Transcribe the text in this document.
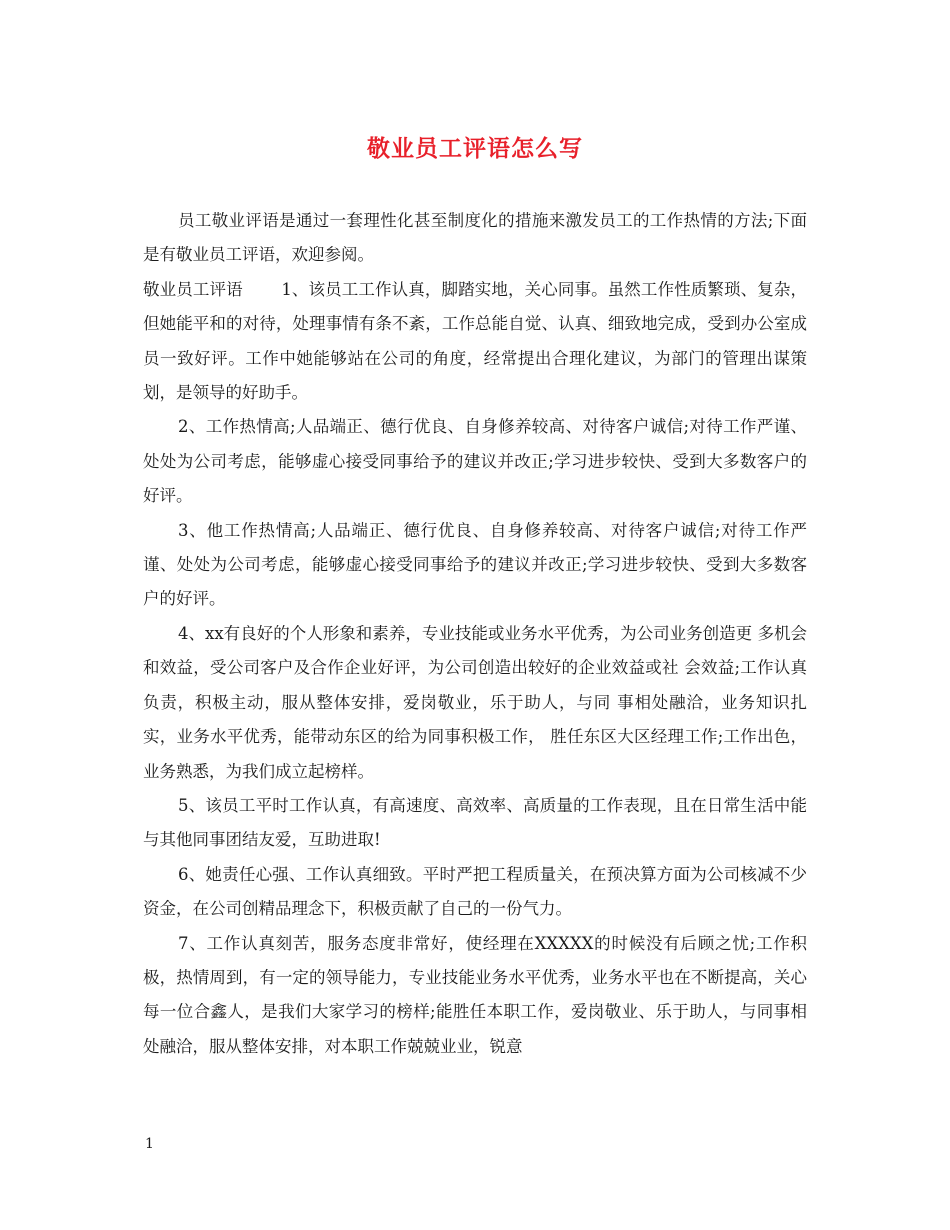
敬业员工评语怎么写

员工敬业评语是通过一套理性化甚至制度化的措施来激发员工的工作热情的方法;下面是有敬业员工评语，欢迎参阅。

敬业员工评语　　 1、该员工工作认真，脚踏实地，关心同事。虽然工作性质繁琐、复杂，但她能平和的对待，处理事情有条不紊，工作总能自觉、认真、细致地完成，受到办公室成员一致好评。工作中她能够站在公司的角度，经常提出合理化建议，为部门的管理出谋策划，是领导的好助手。

2、工作热情高;人品端正、德行优良、自身修养较高、对待客户诚信;对待工作严谨、处处为公司考虑，能够虚心接受同事给予的建议并改正;学习进步较快、受到大多数客户的好评。

3、他工作热情高;人品端正、德行优良、自身修养较高、对待客户诚信;对待工作严谨、处处为公司考虑，能够虚心接受同事给予的建议并改正;学习进步较快、受到大多数客户的好评。

4、xx有良好的个人形象和素养，专业技能或业务水平优秀，为公司业务创造更 多机会和效益，受公司客户及合作企业好评，为公司创造出较好的企业效益或社 会效益;工作认真负责，积极主动，服从整体安排，爱岗敬业，乐于助人，与同 事相处融洽，业务知识扎实，业务水平优秀，能带动东区的给为同事积极工作， 胜任东区大区经理工作;工作出色，业务熟悉，为我们成立起榜样。

5、该员工平时工作认真，有高速度、高效率、高质量的工作表现，且在日常生活中能与其他同事团结友爱，互助进取!

6、她责任心强、工作认真细致。平时严把工程质量关，在预决算方面为公司核减不少资金，在公司创精品理念下，积极贡献了自己的一份气力。

7、工作认真刻苦，服务态度非常好，使经理在XXXXX的时候没有后顾之忧;工作积极，热情周到，有一定的领导能力，专业技能业务水平优秀，业务水平也在不断提高，关心每一位合鑫人，是我们大家学习的榜样;能胜任本职工作，爱岗敬业、乐于助人，与同事相处融洽，服从整体安排，对本职工作兢兢业业，锐意

1
